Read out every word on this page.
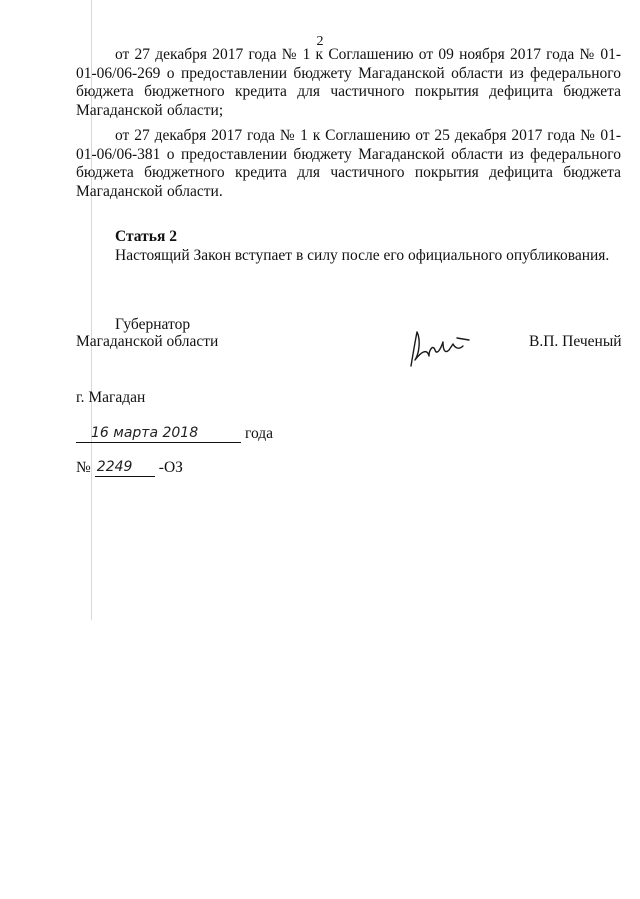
2
от 27 декабря 2017 года № 1 к Соглашению от 09 ноября 2017 года № 01-01-06/06-269 о предоставлении бюджету Магаданской области из федерального бюджета бюджетного кредита для частичного покрытия дефицита бюджета Магаданской области;
от 27 декабря 2017 года № 1 к Соглашению от 25 декабря 2017 года № 01-01-06/06-381 о предоставлении бюджету Магаданской области из федерального бюджета бюджетного кредита для частичного покрытия дефицита бюджета Магаданской области.
Статья 2
Настоящий Закон вступает в силу после его официального опубликования.
Губернатор
Магаданской области	В.П. Печеный
г. Магадан
16 марта 2018	года
№ 2249	-ОЗ
